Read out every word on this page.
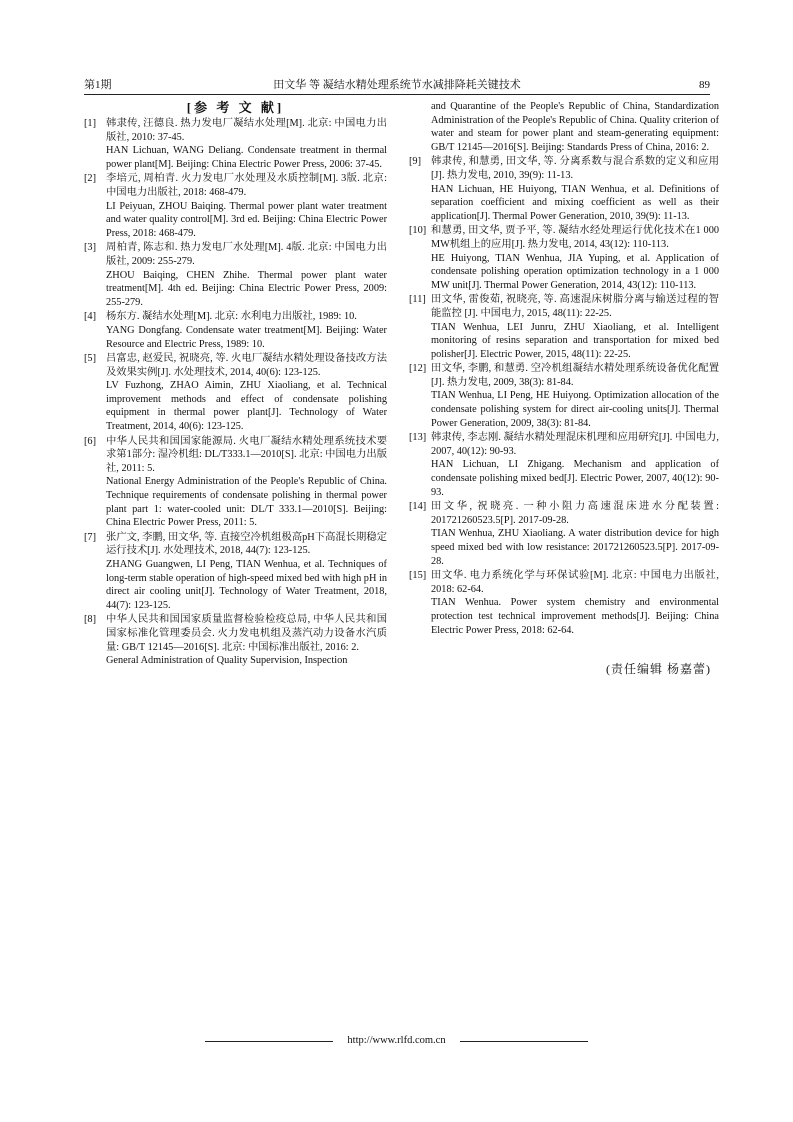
第1期	田文华 等 凝结水精处理系统节水减排降耗关键技术	89
[参 考 文 献]
[1] 韩隶传, 汪德良. 热力发电厂凝结水处理[M]. 北京: 中国电力出版社, 2010: 37-45.

HAN Lichuan, WANG Deliang. Condensate treatment in thermal power plant[M]. Beijing: China Electric Power Press, 2006: 37-45.

[2] 李培元, 周柏青. 火力发电厂水处理及水质控制[M]. 3版. 北京: 中国电力出版社, 2018: 468-479.

LI Peiyuan, ZHOU Baiqing. Thermal power plant water treatment and water quality control[M]. 3rd ed. Beijing: China Electric Power Press, 2018: 468-479.

[3] 周柏青, 陈志和. 热力发电厂水处理[M]. 4版. 北京: 中国电力出版社, 2009: 255-279.

ZHOU Baiqing, CHEN Zhihe. Thermal power plant water treatment[M]. 4th ed. Beijing: China Electric Power Press, 2009: 255-279.

[4] 杨东方. 凝结水处理[M]. 北京: 水利电力出版社, 1989: 10.

YANG Dongfang. Condensate water treatment[M]. Beijing: Water Resource and Electric Press, 1989: 10.

[5] 吕富忠, 赵爱民, 祝晓亮, 等. 火电厂凝结水精处理设备技改方法及效果实例[J]. 水处理技术, 2014, 40(6): 123-125.

LV Fuzhong, ZHAO Aimin, ZHU Xiaoliang, et al. Technical improvement methods and effect of condensate polishing equipment in thermal power plant[J]. Technology of Water Treatment, 2014, 40(6): 123-125.

[6] 中华人民共和国国家能源局. 火电厂凝结水精处理系统技术要求第1部分: 湿冷机组: DL/T333.1—2010[S]. 北京: 中国电力出版社, 2011: 5.

National Energy Administration of the People's Republic of China. Technique requirements of condensate polishing in thermal power plant part 1: water-cooled unit: DL/T 333.1—2010[S]. Beijing: China Electric Power Press, 2011: 5.

[7] 张广文, 李鹏, 田文华, 等. 直接空冷机组极高pH下高混长期稳定运行技术[J]. 水处理技术, 2018, 44(7): 123-125.

ZHANG Guangwen, LI Peng, TIAN Wenhua, et al. Techniques of long-term stable operation of high-speed mixed bed with high pH in direct air cooling unit[J]. Technology of Water Treatment, 2018, 44(7): 123-125.

[8] 中华人民共和国国家质量监督检验检疫总局, 中华人民共和国国家标准化管理委员会. 火力发电机组及蒸汽动力设备水汽质量: GB/T 12145—2016[S]. 北京: 中国标准出版社, 2016: 2.

General Administration of Quality Supervision, Inspection

and Quarantine of the People's Republic of China, Standardization Administration of the People's Republic of China. Quality criterion of water and steam for power plant and steam-generating equipment: GB/T 12145—2016[S]. Beijing: Standards Press of China, 2016: 2.

[9] 韩隶传, 和慧勇, 田文华, 等. 分离系数与混合系数的定义和应用[J]. 热力发电, 2010, 39(9): 11-13.

HAN Lichuan, HE Huiyong, TIAN Wenhua, et al. Definitions of separation coefficient and mixing coefficient as well as their application[J]. Thermal Power Generation, 2010, 39(9): 11-13.

[10] 和慧勇, 田文华, 贾予平, 等. 凝结水经处理运行优化技术在1 000 MW机组上的应用[J]. 热力发电, 2014, 43(12): 110-113.

HE Huiyong, TIAN Wenhua, JIA Yuping, et al. Application of condensate polishing operation optimization technology in a 1 000 MW unit[J]. Thermal Power Generation, 2014, 43(12): 110-113.

[11] 田文华, 雷俊茹, 祝晓亮, 等. 高速混床树脂分离与输送过程的智能监控 [J]. 中国电力, 2015, 48(11): 22-25.

TIAN Wenhua, LEI Junru, ZHU Xiaoliang, et al. Intelligent monitoring of resins separation and transportation for mixed bed polisher[J]. Electric Power, 2015, 48(11): 22-25.

[12] 田文华, 李鹏, 和慧勇. 空冷机组凝结水精处理系统设备优化配置[J]. 热力发电, 2009, 38(3): 81-84.

TIAN Wenhua, LI Peng, HE Huiyong. Optimization allocation of the condensate polishing system for direct air-cooling units[J]. Thermal Power Generation, 2009, 38(3): 81-84.

[13] 韩隶传, 李志刚. 凝结水精处理混床机理和应用研究[J]. 中国电力, 2007, 40(12): 90-93.

HAN Lichuan, LI Zhigang. Mechanism and application of condensate polishing mixed bed[J]. Electric Power, 2007, 40(12): 90-93.

[14] 田文华, 祝晓亮. 一种小阻力高速混床进水分配装置: 201721260523.5[P]. 2017-09-28.

TIAN Wenhua, ZHU Xiaoliang. A water distribution device for high speed mixed bed with low resistance: 201721260523.5[P]. 2017-09-28.

[15] 田文华. 电力系统化学与环保试验[M]. 北京: 中国电力出版社, 2018: 62-64.

TIAN Wenhua. Power system chemistry and environmental protection test technical improvement methods[J]. Beijing: China Electric Power Press, 2018: 62-64.

(责任编辑 杨嘉蕾)
http://www.rlfd.com.cn
